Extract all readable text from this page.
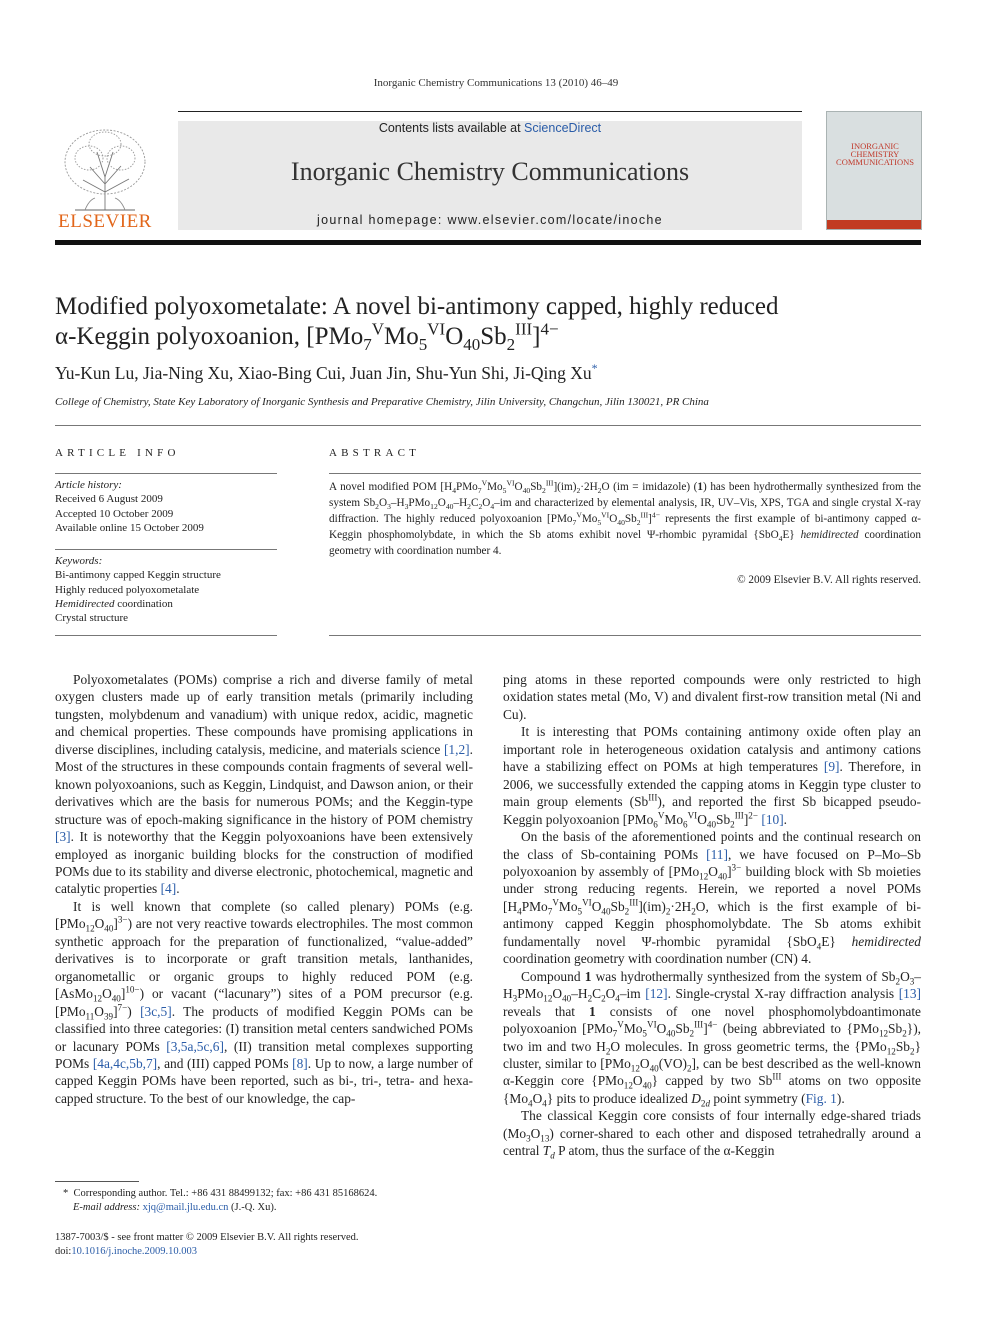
Inorganic Chemistry Communications 13 (2010) 46–49
ELSEVIER
Contents lists available at ScienceDirect
Inorganic Chemistry Communications
journal homepage: www.elsevier.com/locate/inoche
INORGANIC CHEMISTRY COMMUNICATIONS
Modified polyoxometalate: A novel bi-antimony capped, highly reduced
α-Keggin polyoxoanion, $[PMo_7^VMo_5^{VI}O_{40}Sb_2^{III}]^{4-}$
Yu-Kun Lu, Jia-Ning Xu, Xiao-Bing Cui, Juan Jin, Shu-Yun Shi, Ji-Qing Xu*
College of Chemistry, State Key Laboratory of Inorganic Synthesis and Preparative Chemistry, Jilin University, Changchun, Jilin 130021, PR China
ARTICLE INFO
Article history:
Received 6 August 2009
Accepted 10 October 2009
Available online 15 October 2009
Keywords:
Bi-antimony capped Keggin structure
Highly reduced polyoxometalate
Hemidirected coordination
Crystal structure
ABSTRACT
A novel modified POM $[H_4PMo_7^VMo_5^{VI}O_{40}Sb_2^{III}](im)_2\cdot 2H_2O$ (im = imidazole) (1) has been hydrothermally synthesized from the system $Sb_2O_3-H_3PMo_{12}O_{40}-H_2C_2O_4-im$ and characterized by elemental analysis, IR, UV–Vis, XPS, TGA and single crystal X-ray diffraction. The highly reduced polyoxoanion $[PMo_7^VMo_5^{VI}O_{40}Sb_2^{III}]^{4-}$ represents the first example of bi-antimony capped α-Keggin phosphomolybdate, in which the Sb atoms exhibit novel Ψ-rhombic pyramidal {SbO$_4$E} hemidirected coordination geometry with coordination number 4.
© 2009 Elsevier B.V. All rights reserved.

Polyoxometalates (POMs) comprise a rich and diverse family of metal oxygen clusters made up of early transition metals (primarily including tungsten, molybdenum and vanadium) with unique redox, acidic, magnetic and chemical properties. These compounds have promising applications in diverse disciplines, including catalysis, medicine, and materials science [1,2]. Most of the structures in these compounds contain fragments of several well-known polyoxoanions, such as Keggin, Lindquist, and Dawson anion, or their derivatives which are the basis for numerous POMs; and the Keggin-type structure was of epoch-making significance in the history of POM chemistry [3]. It is noteworthy that the Keggin polyoxoanions have been extensively employed as inorganic building blocks for the construction of modified POMs due to its stability and diverse electronic, photochemical, magnetic and catalytic properties [4].

It is well known that complete (so called plenary) POMs (e.g. $[PMo_{12}O_{40}]^{3-}$) are not very reactive towards electrophiles. The most common synthetic approach for the preparation of functionalized, “value-added” derivatives is to incorporate or graft transition metals, lanthanides, organometallic or organic groups to highly reduced POM (e.g. $[AsMo_{12}O_{40}]^{10-}$) or vacant (“lacunary”) sites of a POM precursor (e.g. $[PMo_{11}O_{39}]^{7-}$) [3c,5]. The products of modified Keggin POMs can be classified into three categories: (I) transition metal centers sandwiched POMs or lacunary POMs [3,5a,5c,6], (II) transition metal complexes supporting POMs [4a,4c,5b,7], and (III) capped POMs [8]. Up to now, a large number of capped Keggin POMs have been reported, such as bi-, tri-, tetra- and hexa-capped structure. To the best of our knowledge, the cap-

ping atoms in these reported compounds were only restricted to high oxidation states metal (Mo, V) and divalent first-row transition metal (Ni and Cu).

It is interesting that POMs containing antimony oxide often play an important role in heterogeneous oxidation catalysis and antimony cations have a stabilizing effect on POMs at high temperatures [9]. Therefore, in 2006, we successfully extended the capping atoms in Keggin type cluster to main group elements $(Sb^{III})$, and reported the first Sb bicapped pseudo-Keggin polyoxoanion $[PMo_6^VMo_6^{VI}O_{40}Sb_2^{III}]^{2-}$ [10].

On the basis of the aforementioned points and the continual research on the class of Sb-containing POMs [11], we have focused on P–Mo–Sb polyoxoanion by assembly of $[PMo_{12}O_{40}]^{3-}$ building block with Sb moieties under strong reducing regents. Herein, we reported a novel POMs $[H_4PMo_7^VMo_5^{VI}O_{40}Sb_2^{III}](im)_2\cdot 2H_2O$, which is the first example of bi-antimony capped Keggin phosphomolybdate. The Sb atoms exhibit fundamentally novel Ψ-rhombic pyramidal {SbO$_4$E} hemidirected coordination geometry with coordination number (CN) 4.

Compound 1 was hydrothermally synthesized from the system of $Sb_2O_3-H_3PMo_{12}O_{40}-H_2C_2O_4-im$ [12]. Single-crystal X-ray diffraction analysis [13] reveals that 1 consists of one novel phosphomolybdoantimonate polyoxoanion $[PMo_7^VMo_5^{VI}O_{40}Sb_2^{III}]^{4-}$ (being abbreviated to $\{PMo_{12}Sb_2\}$), two im and two $H_2O$ molecules. In gross geometric terms, the $\{PMo_{12}Sb_2\}$ cluster, similar to $[PMo_{12}O_{40}(VO)_2]$, can be best described as the well-known α-Keggin core $\{PMo_{12}O_{40}\}$ capped by two $Sb^{III}$ atoms on two opposite $\{Mo_4O_4\}$ pits to produce idealized $D_{2d}$ point symmetry (Fig. 1).

The classical Keggin core consists of four internally edge-shared triads $(Mo_3O_{13})$ corner-shared to each other and disposed tetrahedrally around a central $T_d$ P atom, thus the surface of the α-Keggin

* Corresponding author. Tel.: +86 431 88499132; fax: +86 431 85168624.
E-mail address: xjq@mail.jlu.edu.cn (J.-Q. Xu).
1387-7003/$ - see front matter © 2009 Elsevier B.V. All rights reserved.
doi:10.1016/j.inoche.2009.10.003
